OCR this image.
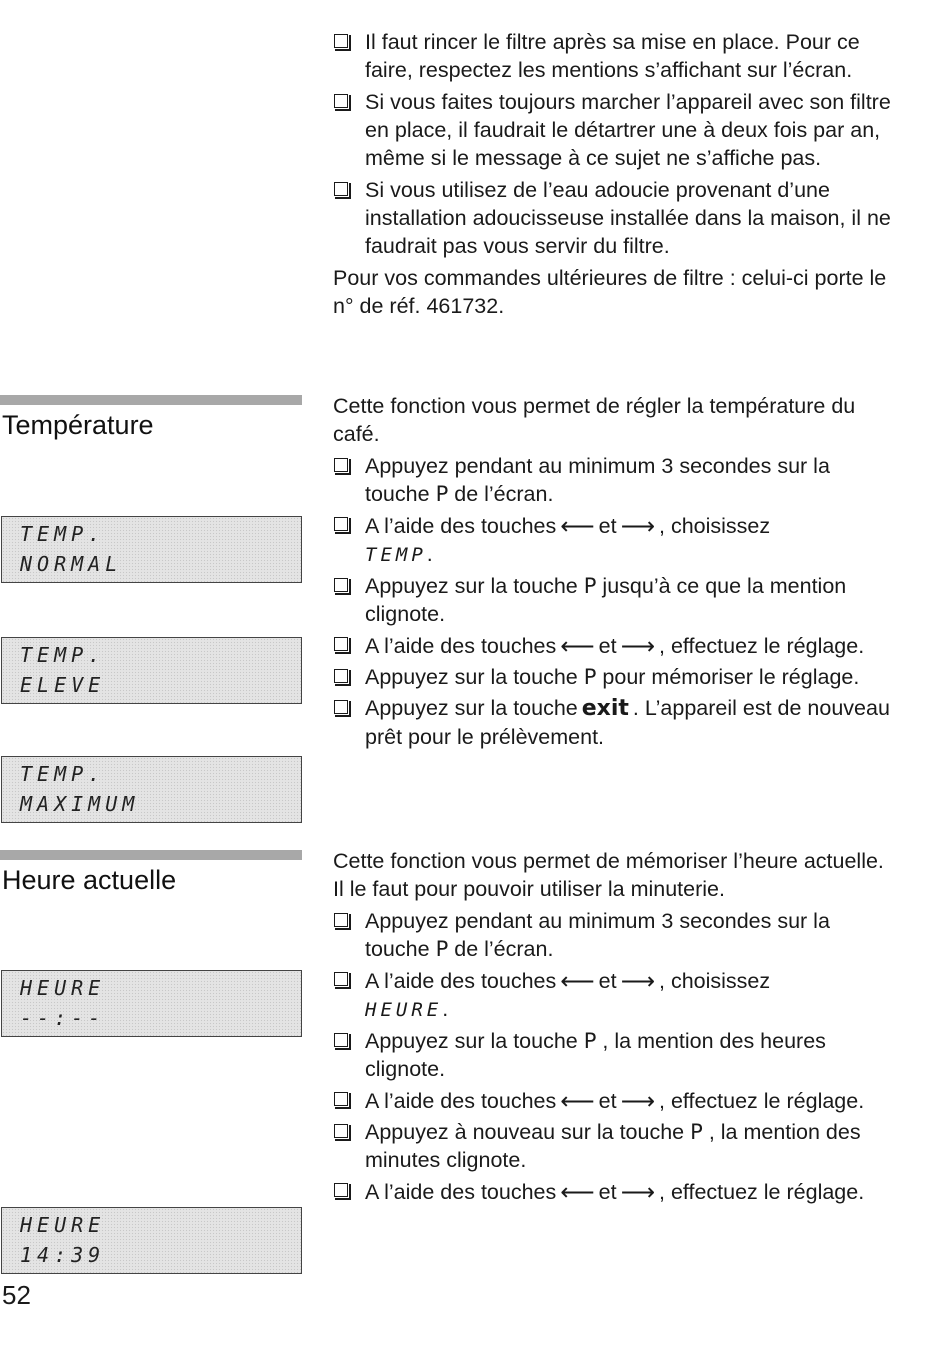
Il faut rincer le filtre après sa mise en place. Pour ce faire, respectez les mentions s’affichant sur l’écran.
Si vous faites toujours marcher l’appareil avec son filtre en place, il faudrait le détartrer une à deux fois par an, même si le message à ce sujet ne s’affiche pas.
Si vous utilisez de l’eau adoucie provenant d’une installation adoucisseuse installée dans la maison, il ne faudrait pas vous servir du filtre.

Pour vos commandes ultérieures de filtre : celui-ci porte le n° de réf. 461732.

Température
TEMP.
NORMAL
TEMP.
ELEVE
TEMP.
MAXIMUM

Cette fonction vous permet de régler la température du café.

Appuyez pendant au minimum 3 secondes sur la touche P de l’écran.
A l’aide des touches ⟵ et ⟶ , choisissez
TEMP.
Appuyez sur la touche P jusqu’à ce que la mention clignote.
A l’aide des touches ⟵ et ⟶ , effectuez le réglage.
Appuyez sur la touche P pour mémoriser le réglage.
Appuyez sur la touche exit . L’appareil est de nouveau prêt pour le prélèvement.
Heure actuelle
HEURE
--:--
HEURE
14:39

Cette fonction vous permet de mémoriser l’heure actuelle. Il le faut pour pouvoir utiliser la minuterie.

Appuyez pendant au minimum 3 secondes sur la touche P de l’écran.
A l’aide des touches ⟵ et ⟶ , choisissez
HEURE.
Appuyez sur la touche P , la mention des heures clignote.
A l’aide des touches ⟵ et ⟶ , effectuez le réglage.
Appuyez à nouveau sur la touche P , la mention des minutes clignote.
A l’aide des touches ⟵ et ⟶ , effectuez le réglage.
52
